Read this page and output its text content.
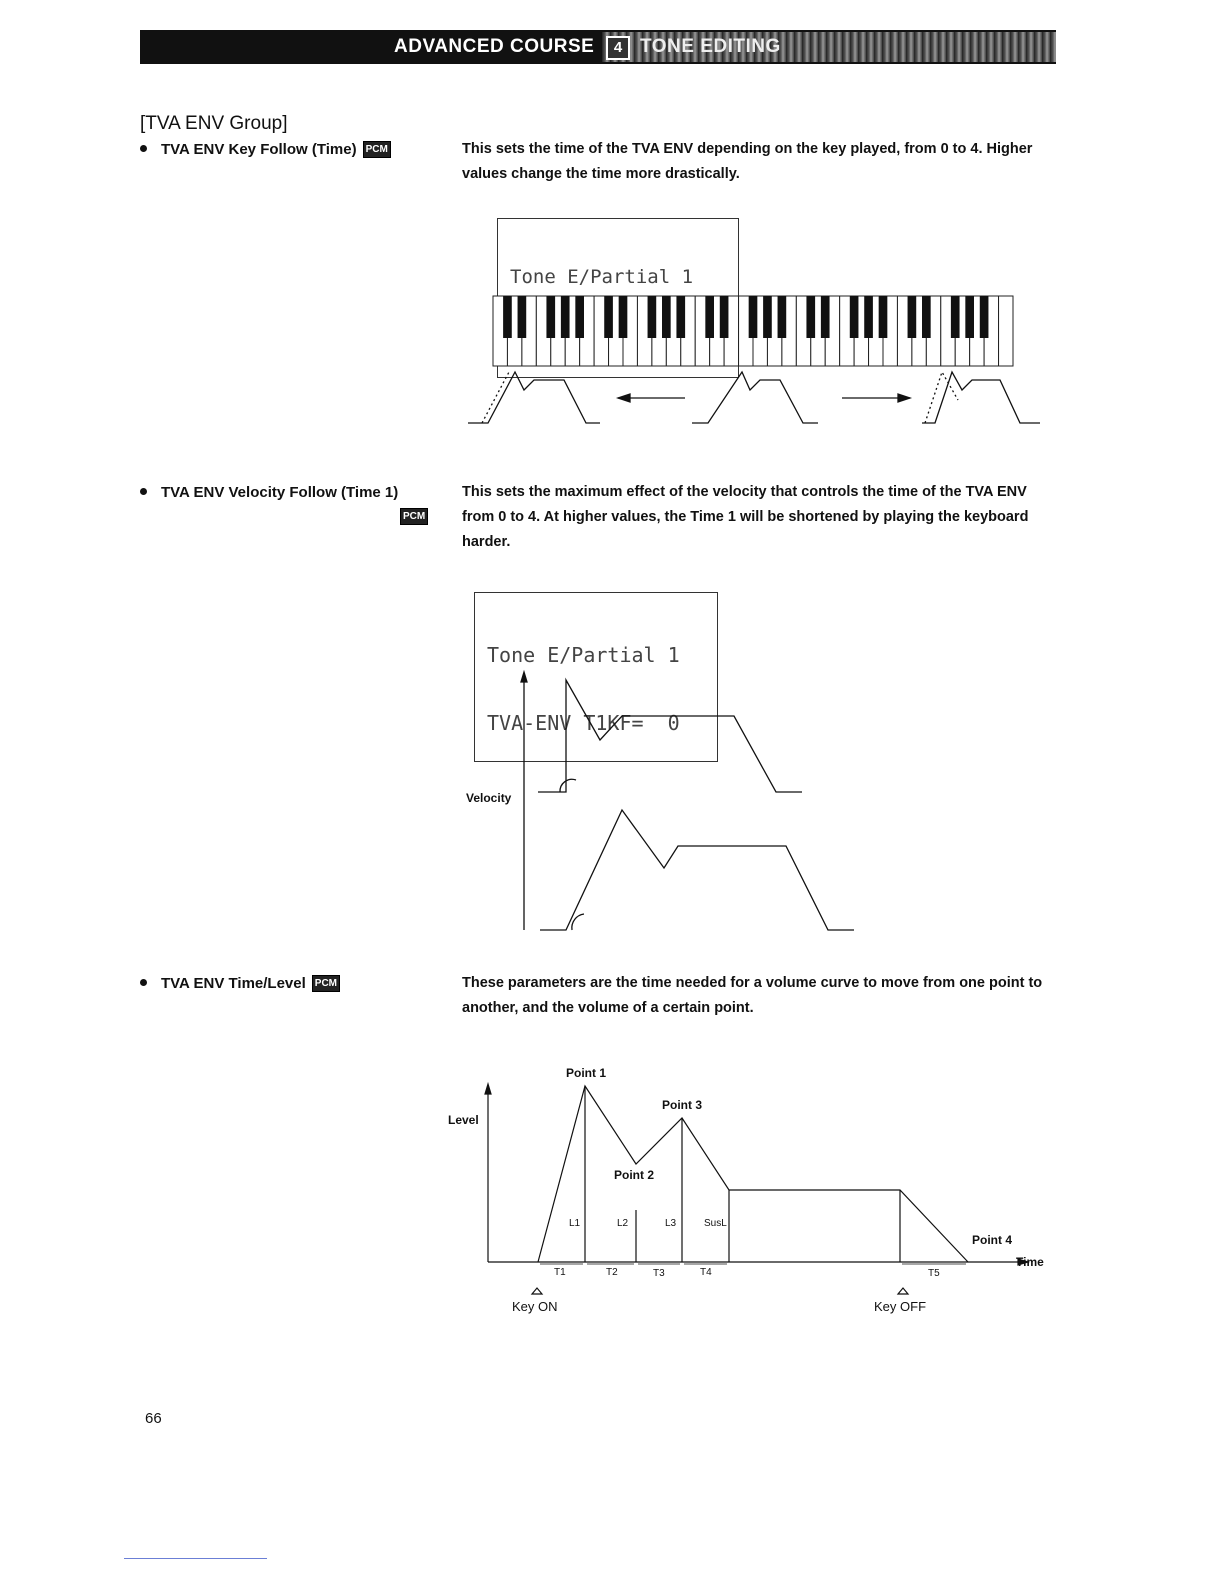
ADVANCED COURSE	4 TONE EDITING
[TVA ENV Group]
TVA ENV Key Follow (Time) PCM	This sets the time of the TVA ENV depending on the key played, from 0 to 4. Higher values change the time more drastically.

Tone E/Partial 1

TVA ENV Velocity Follow (Time 1)
PCM
This sets the maximum effect of the velocity that controls the time of the TVA ENV from 0 to 4. At higher values, the Time 1 will be shortened by playing the keyboard harder.

Tone E/Partial 1

TVA-ENV T1KF=  0

Velocity
TVA ENV Time/Level PCM	These parameters are the time needed for a volume curve to move from one point to another, and the volume of a certain point.
Level
Time
Point 1
Point 2
Point 3
Point 4
L1	L2	L3	SusL
T1	T2	T3	T4	T5
Key ON	Key OFF
66
